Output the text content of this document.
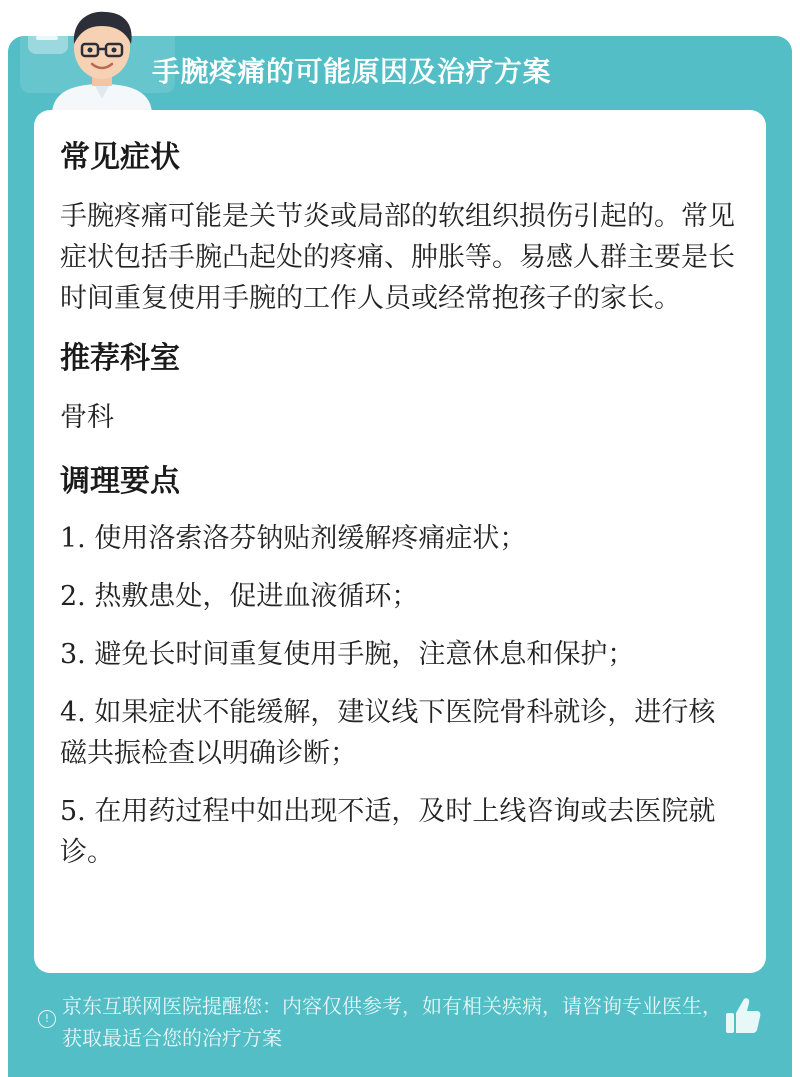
手腕疼痛的可能原因及治疗方案
常见症状

手腕疼痛可能是关节炎或局部的软组织损伤引起的。常见症状包括手腕凸起处的疼痛、肿胀等。易感人群主要是长时间重复使用手腕的工作人员或经常抱孩子的家长。

推荐科室

骨科

调理要点
1. 使用洛索洛芬钠贴剂缓解疼痛症状；
2. 热敷患处，促进血液循环；
3. 避免长时间重复使用手腕，注意休息和保护；
4. 如果症状不能缓解，建议线下医院骨科就诊，进行核磁共振检查以明确诊断；
5. 在用药过程中如出现不适，及时上线咨询或去医院就诊。
!
京东互联网医院提醒您：内容仅供参考，如有相关疾病，请咨询专业医生，获取最适合您的治疗方案
